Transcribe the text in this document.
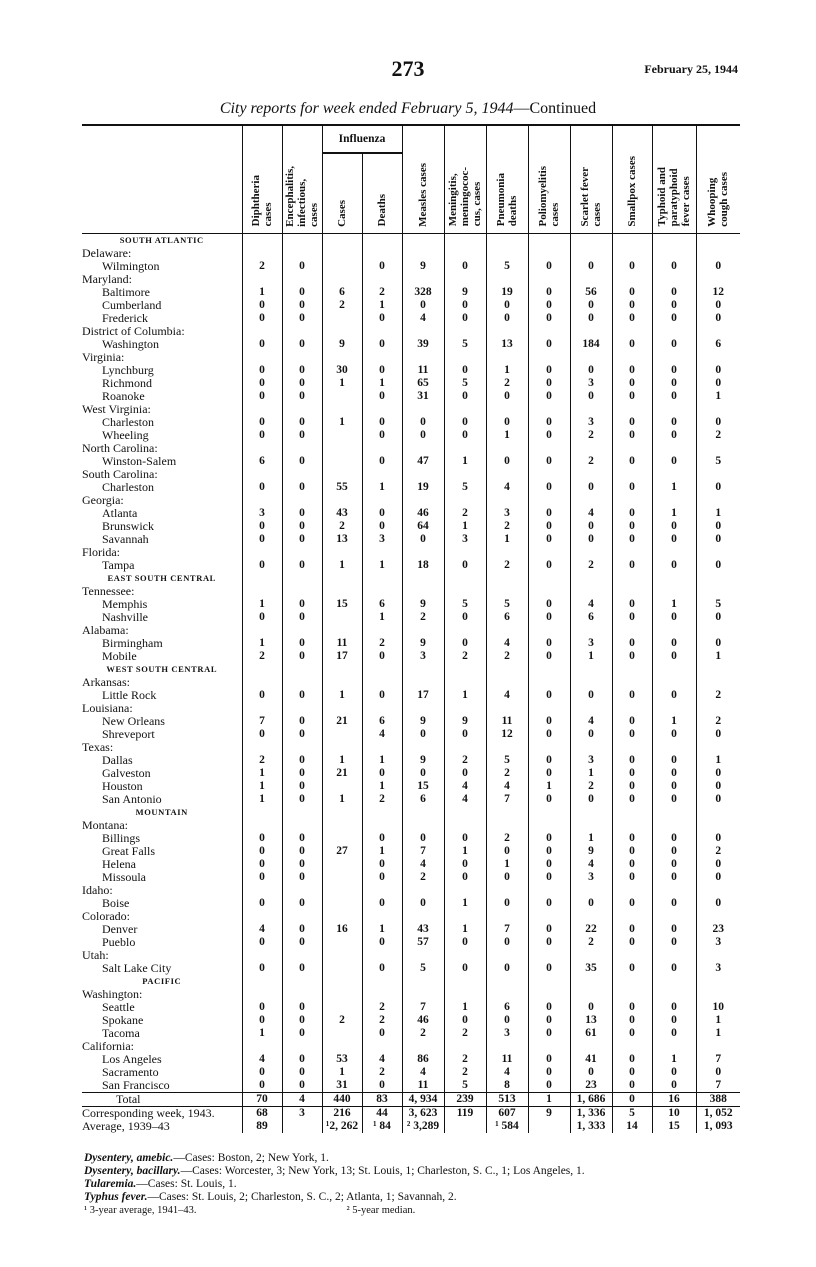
273	February 25, 1944
City reports for week ended February 5, 1944—Continued
	Diphtheria
cases	Encephalitis,
infectious,
cases	Influenza		Measles cases	Meningitis,
meningococ-
cus, cases	Pneumonia
deaths	Poliomyelitis
cases	Scarlet fever
cases	Smallpox cases	Typhoid and
paratyphoid
fever cases	Whooping
cough cases
			Cases	Deaths								
SOUTH ATLANTIC												
Delaware:												
Wilmington	2	0		0	9	0	5	0	0	0	0	0
Maryland:												
Baltimore	1	0	6	2	328	9	19	0	56	0	0	12
Cumberland	0	0	2	1	0	0	0	0	0	0	0	0
Frederick	0	0		0	4	0	0	0	0	0	0	0
District of Columbia:												
Washington	0	0	9	0	39	5	13	0	184	0	0	6
Virginia:												
Lynchburg	0	0	30	0	11	0	1	0	0	0	0	0
Richmond	0	0	1	1	65	5	2	0	3	0	0	0
Roanoke	0	0		0	31	0	0	0	0	0	0	1
West Virginia:												
Charleston	0	0	1	0	0	0	0	0	3	0	0	0
Wheeling	0	0		0	0	0	1	0	2	0	0	2
North Carolina:												
Winston-Salem	6	0		0	47	1	0	0	2	0	0	5
South Carolina:												
Charleston	0	0	55	1	19	5	4	0	0	0	1	0
Georgia:												
Atlanta	3	0	43	0	46	2	3	0	4	0	1	1
Brunswick	0	0	2	0	64	1	2	0	0	0	0	0
Savannah	0	0	13	3	0	3	1	0	0	0	0	0
Florida:												
Tampa	0	0	1	1	18	0	2	0	2	0	0	0
EAST SOUTH CENTRAL												
Tennessee:												
Memphis	1	0	15	6	9	5	5	0	4	0	1	5
Nashville	0	0		1	2	0	6	0	6	0	0	0
Alabama:												
Birmingham	1	0	11	2	9	0	4	0	3	0	0	0
Mobile	2	0	17	0	3	2	2	0	1	0	0	1
WEST SOUTH CENTRAL												
Arkansas:												
Little Rock	0	0	1	0	17	1	4	0	0	0	0	2
Louisiana:												
New Orleans	7	0	21	6	9	9	11	0	4	0	1	2
Shreveport	0	0		4	0	0	12	0	0	0	0	0
Texas:												
Dallas	2	0	1	1	9	2	5	0	3	0	0	1
Galveston	1	0	21	0	0	0	2	0	1	0	0	0
Houston	1	0		1	15	4	4	1	2	0	0	0
San Antonio	1	0	1	2	6	4	7	0	0	0	0	0
MOUNTAIN												
Montana:												
Billings	0	0		0	0	0	2	0	1	0	0	0
Great Falls	0	0	27	1	7	1	0	0	9	0	0	2
Helena	0	0		0	4	0	1	0	4	0	0	0
Missoula	0	0		0	2	0	0	0	3	0	0	0
Idaho:												
Boise	0	0		0	0	1	0	0	0	0	0	0
Colorado:												
Denver	4	0	16	1	43	1	7	0	22	0	0	23
Pueblo	0	0		0	57	0	0	0	2	0	0	3
Utah:												
Salt Lake City	0	0		0	5	0	0	0	35	0	0	3
PACIFIC												
Washington:												
Seattle	0	0		2	7	1	6	0	0	0	0	10
Spokane	0	0	2	2	46	0	0	0	13	0	0	1
Tacoma	1	0		0	2	2	3	0	61	0	0	1
California:												
Los Angeles	4	0	53	4	86	2	11	0	41	0	1	7
Sacramento	0	0	1	2	4	2	4	0	0	0	0	0
San Francisco	0	0	31	0	11	5	8	0	23	0	0	7
Total	70	4	440	83	4, 934	239	513	1	1, 686	0	16	388
Corresponding week, 1943.	68	3	216	44	3, 623	119	607	9	1, 336	5	10	1, 052
Average, 1939–43	89		¹2, 262	¹ 84	² 3,289		¹ 584		1, 333	14	15	1, 093
Dysentery, amebic.—Cases: Boston, 2; New York, 1.
Dysentery, bacillary.—Cases: Worcester, 3; New York, 13; St. Louis, 1; Charleston, S. C., 1; Los Angeles, 1.
Tularemia.—Cases: St. Louis, 1.
Typhus fever.—Cases: St. Louis, 2; Charleston, S. C., 2; Atlanta, 1; Savannah, 2.
¹ 3-year average, 1941–43.	² 5-year median.
